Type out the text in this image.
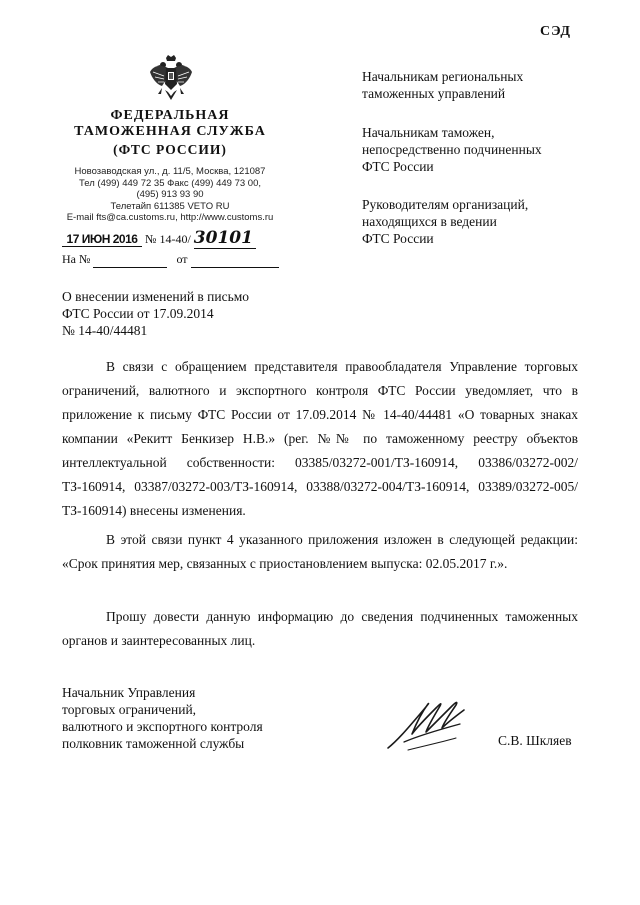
СЭД
ФЕДЕРАЛЬНАЯ
ТАМОЖЕННАЯ СЛУЖБА
(ФТС РОССИИ)
Новозаводская ул., д. 11/5, Москва, 121087
Тел (499) 449 72 35 Факс (499) 449 73 00,
(495) 913 93 90
Телетайп 611385 VETO RU
E-mail fts@ca.customs.ru, http://www.customs.ru
17 ИЮН 2016 № 14-40/ 30101
На №	от
Начальникам региональных
таможенных управлений
Начальникам таможен,
непосредственно подчиненных
ФТС России
Руководителям организаций,
находящихся в ведении
ФТС России
О внесении изменений в письмо
ФТС России от 17.09.2014
№ 14-40/44481
В связи с обращением представителя правообладателя Управление торговых ограничений, валютного и экспортного контроля ФТС России уведомляет, что в приложение к письму ФТС России от 17.09.2014 № 14-40/44481 «О товарных знаках компании «Рекитт Бенкизер Н.В.» (рег. №№ по таможенному реестру объектов интеллектуальной собственности: 03385/03272-001/ТЗ-160914, 03386/03272-002/ТЗ-160914, 03387/03272-003/ТЗ-160914, 03388/03272-004/ТЗ-160914, 03389/03272-005/ТЗ-160914) внесены изменения.
В этой связи пункт 4 указанного приложения изложен в следующей редакции: «Срок принятия мер, связанных с приостановлением выпуска: 02.05.2017 г.».
Прошу довести данную информацию до сведения подчиненных таможенных органов и заинтересованных лиц.
Начальник Управления
торговых ограничений,
валютного и экспортного контроля
полковник таможенной службы	С.В. Шкляев
